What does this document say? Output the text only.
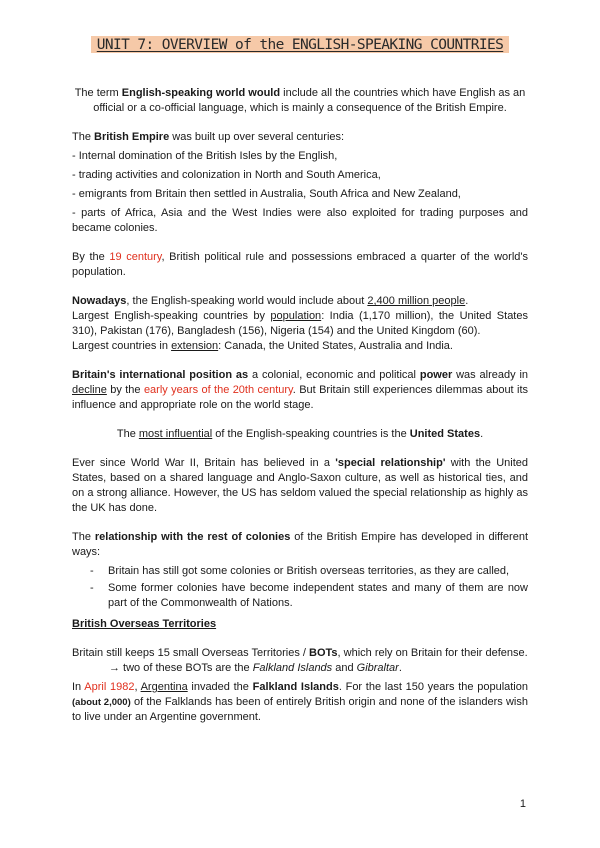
UNIT 7: OVERVIEW of the ENGLISH-SPEAKING COUNTRIES

The term English-speaking world would include all the countries which have English as an official or a co-official language, which is mainly a consequence of the British Empire.

The British Empire was built up over several centuries:

- Internal domination of the British Isles by the English,

- trading activities and colonization in North and South America,

- emigrants from Britain then settled in Australia, South Africa and New Zealand,

- parts of Africa, Asia and the West Indies were also exploited for trading purposes and became colonies.

By the 19 century, British political rule and possessions embraced a quarter of the world's population.

Nowadays, the English-speaking world would include about 2,400 million people.

Largest English-speaking countries by population: India (1,170 million), the United States 310), Pakistan (176), Bangladesh (156), Nigeria (154) and the United Kingdom (60).

Largest countries in extension: Canada, the United States, Australia and India.

Britain's international position as a colonial, economic and political power was already in decline by the early years of the 20th century. But Britain still experiences dilemmas about its influence and appropriate role on the world stage.

The most influential of the English-speaking countries is the United States.

Ever since World War II, Britain has believed in a 'special relationship' with the United States, based on a shared language and Anglo-Saxon culture, as well as historical ties, and on a strong alliance. However, the US has seldom valued the special relationship as highly as the UK has done.

The relationship with the rest of colonies of the British Empire has developed in different ways:

- Britain has still got some colonies or British overseas territories, as they are called,
- Some former colonies have become independent states and many of them are now part of the Commonwealth of Nations.

British Overseas Territories

Britain still keeps 15 small Overseas Territories / BOTs, which rely on Britain for their defense.

→ two of these BOTs are the Falkland Islands and Gibraltar.

In April 1982, Argentina invaded the Falkland Islands. For the last 150 years the population (about 2,000) of the Falklands has been of entirely British origin and none of the islanders wish to live under an Argentine government.

1
